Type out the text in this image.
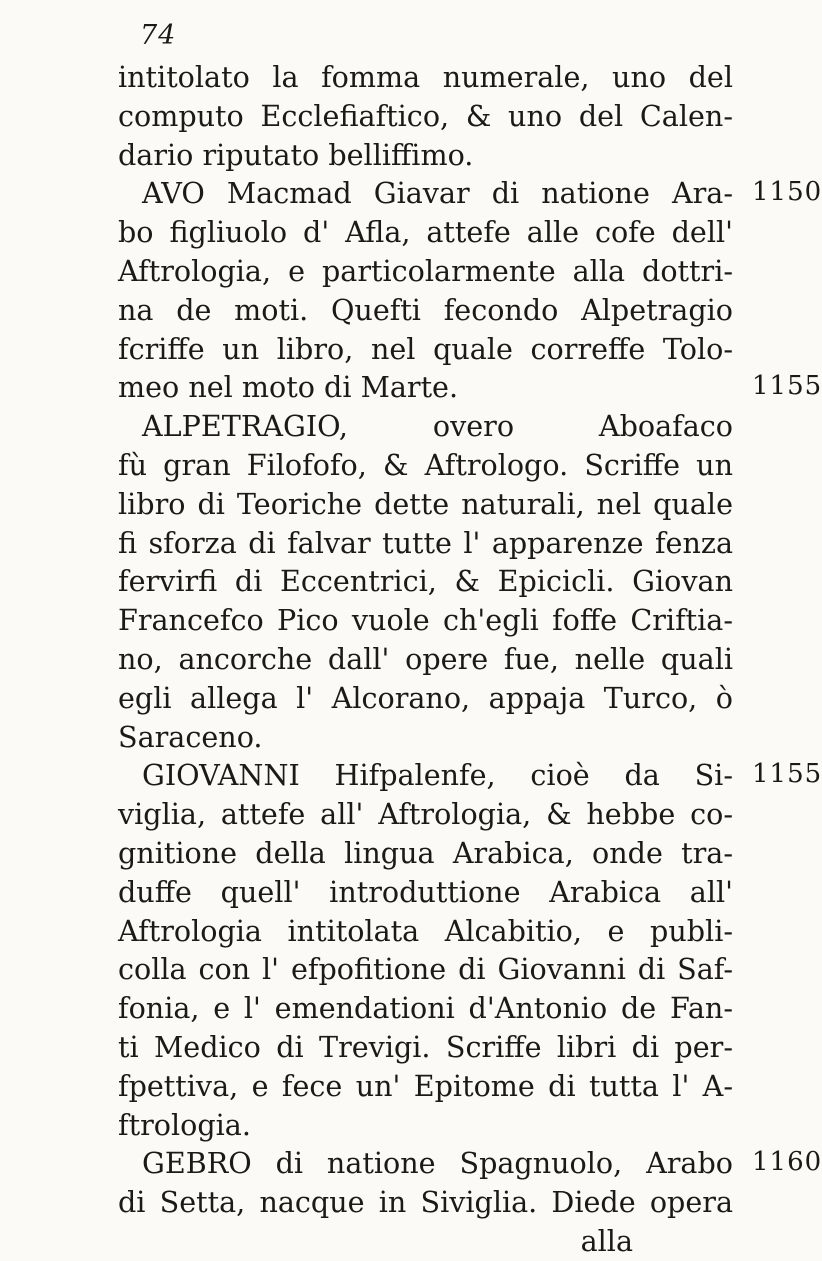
74
intitolato la fomma numerale, uno del
computo Ecclefiaftico, & uno del Calen-
dario riputato belliffimo.
AVO Macmad Giavar di natione Ara-
bo figliuolo d' Afla, attefe alle cofe dell'
Aftrologia, e particolarmente alla dottri-
na de moti. Quefti fecondo Alpetragio
fcriffe un libro, nel quale correffe Tolo-
meo nel moto di Marte.
ALPETRAGIO, overo Aboafaco
fù gran Filofofo, & Aftrologo. Scriffe un
libro di Teoriche dette naturali, nel quale
fi sforza di falvar tutte l' apparenze fenza
fervirfi di Eccentrici, & Epicicli. Giovan
Francefco Pico vuole ch'egli foffe Criftia-
no, ancorche dall' opere fue, nelle quali
egli allega l' Alcorano, appaja Turco, ò
Saraceno.
GIOVANNI Hifpalenfe, cioè da Si-
viglia, attefe all' Aftrologia, & hebbe co-
gnitione della lingua Arabica, onde tra-
duffe quell' introduttione Arabica all'
Aftrologia intitolata Alcabitio, e publi-
colla con l' efpofitione di Giovanni di Saf-
fonia, e l' emendationi d'Antonio de Fan-
ti Medico di Trevigi. Scriffe libri di per-
fpettiva, e fece un' Epitome di tutta l' A-
ftrologia.
GEBRO di natione Spagnuolo, Arabo
di Setta, nacque in Siviglia. Diede opera
alla
1150
1155
1155
1160
